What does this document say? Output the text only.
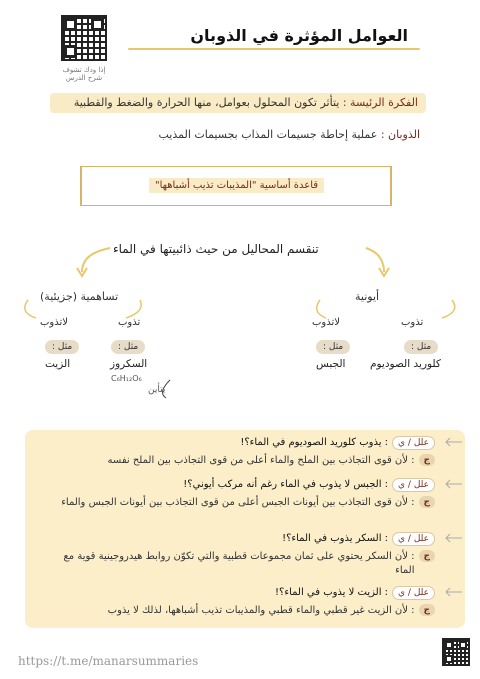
إذا ودك تشوف
شرح الدرس
العوامل المؤثرة في الذوبان
الفكرة الرئيسة : يتأثر تكون المحلول بعوامل، منها الحرارة والضغط والقطبية
الذوبان : عملية إحاطة جسيمات المذاب بجسيمات المذيب
قاعدة أساسية "المذيبات تذيب أشباهها"
تنقسم المحاليل من حيث ذائبيتها في الماء
تساهمية (جزيئية)	أيونية
لاتذوب	تذوب	لاتذوب	تذوب
مثل :	مثل :	مثل :	مثل :
الزيت	السكروز
C₆H₁₂O₆
يتأين
الجبس كلوريد الصوديوم
علل / ي
: يذوب كلوريد الصوديوم في الماء؟!
ج
: لأن قوى التجاذب بين الملح والماء أعلى من قوى التجاذب بين الملح نفسه
علل / ي
: الجبس لا يذوب في الماء رغم أنه مركب أيوني؟!
ج
: لأن قوى التجاذب بين أيونات الجبس أعلى من قوى التجاذب بين أيونات الجبس والماء
علل / ي
: السكر يذوب في الماء؟!
ج
: لأن السكر يحتوي على ثمان مجموعات قطبية والتي تكوّن روابط هيدروجينية قوية مع الماء
علل / ي
: الزيت لا يذوب في الماء؟!
ج
: لأن الزيت غير قطبي والماء قطبي والمذيبات تذيب أشباهها، لذلك لا يذوب
https://t.me/manarsummaries
